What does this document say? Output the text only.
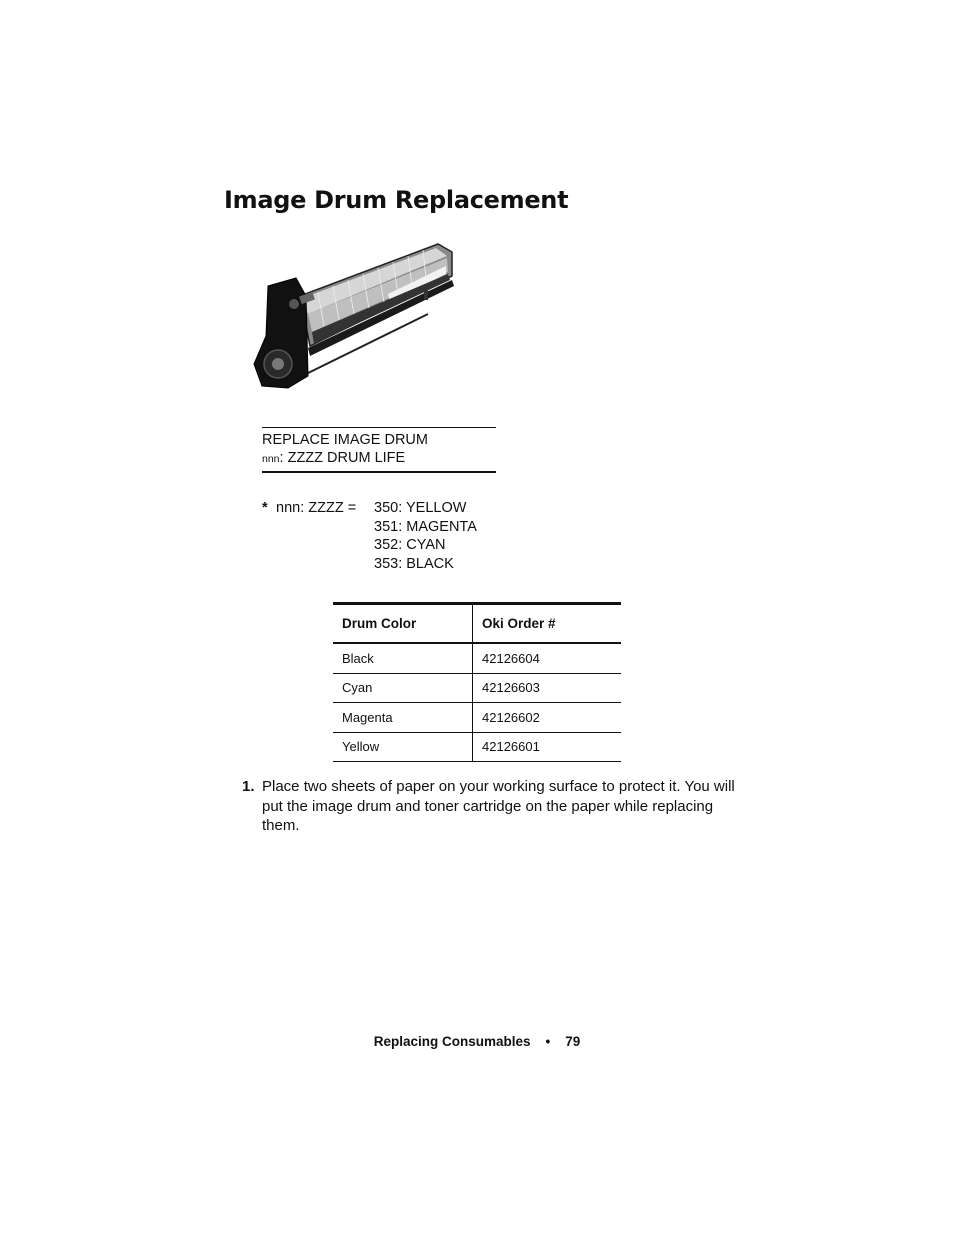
Image Drum Replacement
REPLACE IMAGE DRUM
nnn: ZZZZ DRUM LIFE
* nnn: ZZZZ = 350: YELLOW
351: MAGENTA
352: CYAN
353: BLACK
Drum Color	Oki Order #
Black	42126604
Cyan	42126603
Magenta	42126602
Yellow	42126601
1. Place two sheets of paper on your working surface to protect it. You will put the image drum and toner cartridge on the paper while replacing them.
Replacing Consumables • 79
